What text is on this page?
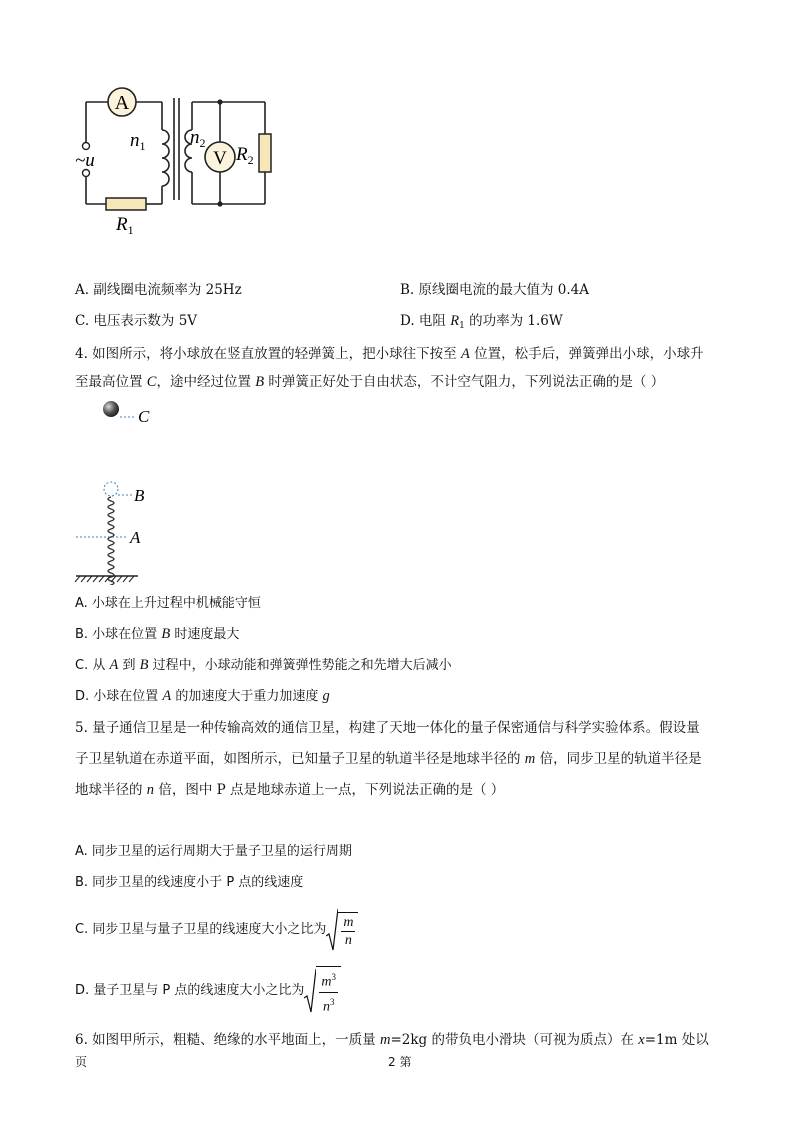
A
V
~u
$n_1$ $n_2$
$R_2$
$R_1$
A. 副线圈电流频率为 25Hz	B. 原线圈电流的最大值为 0.4A
C. 电压表示数为 5V	D. 电阻 $R_1$ 的功率为 1.6W
4. 如图所示，将小球放在竖直放置的轻弹簧上，把小球往下按至 A 位置，松手后，弹簧弹出小球，小球升
至最高位置 C，途中经过位置 B 时弹簧正好处于自由状态，不计空气阻力，下列说法正确的是（ ）
C
B
A
A. 小球在上升过程中机械能守恒
B. 小球在位置 B 时速度最大
C. 从 A 到 B 过程中，小球动能和弹簧弹性势能之和先增大后减小
D. 小球在位置 A 的加速度大于重力加速度 g
5. 量子通信卫星是一种传输高效的通信卫星，构建了天地一体化的量子保密通信与科学实验体系。假设量
子卫星轨道在赤道平面，如图所示，已知量子卫星的轨道半径是地球半径的 m 倍，同步卫星的轨道半径是
地球半径的 n 倍，图中 P 点是地球赤道上一点，下列说法正确的是（ ）
A. 同步卫星的运行周期大于量子卫星的运行周期
B. 同步卫星的线速度小于 P 点的线速度
C. 同步卫星与量子卫星的线速度大小之比为 m
n
D. 量子卫星与 P 点的线速度大小之比为
$m^3$
$n^3$
6. 如图甲所示，粗糙、绝缘的水平地面上，一质量 m=2kg 的带负电小滑块（可视为质点）在 x=1m 处以
页	2 第
